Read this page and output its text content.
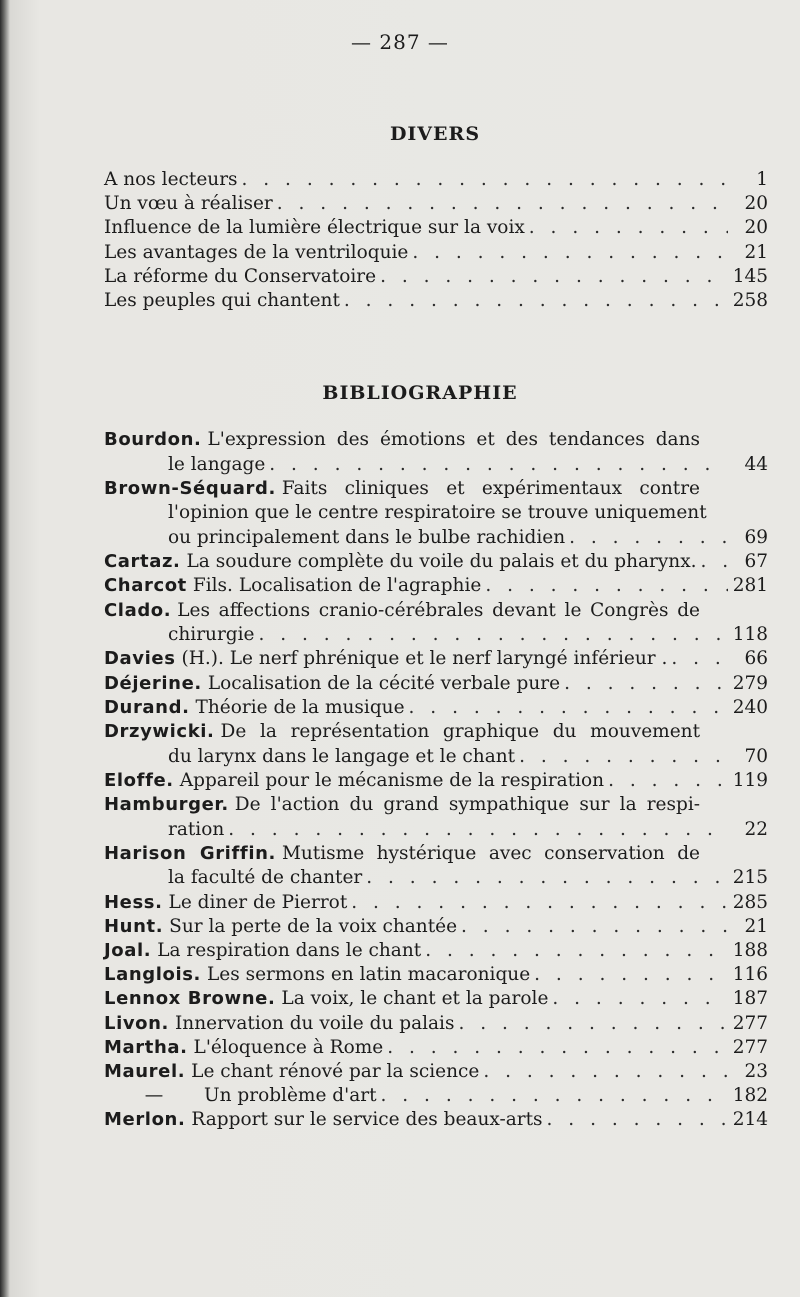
— 287 —
DIVERS
A nos lecteurs . . .	1
Un vœu à réaliser . . .	20
Influence de la lumière électrique sur la voix . . .	20
Les avantages de la ventriloquie . . .	21
La réforme du Conservatoire . . .	145
Les peuples qui chantent . . .	258
BIBLIOGRAPHIE
Bourdon. L'expression des émotions et des tendances dans
le langage . . .	44
Brown-Séquard. Faits cliniques et expérimentaux contre
l'opinion que le centre respiratoire se trouve uniquement
ou principalement dans le bulbe rachidien . . .	69
Cartaz. La soudure complète du voile du palais et du pharynx. . . .	67
Charcot Fils. Localisation de l'agraphie . . .	281
Clado. Les affections cranio-cérébrales devant le Congrès de
chirurgie . . .	118
Davies (H.). Le nerf phrénique et le nerf laryngé inférieur . . . .	66
Déjerine. Localisation de la cécité verbale pure . . .	279
Durand. Théorie de la musique . . .	240
Drzywicki. De la représentation graphique du mouvement
du larynx dans le langage et le chant . . .	70
Eloffe. Appareil pour le mécanisme de la respiration . . .	119
Hamburger. De l'action du grand sympathique sur la respi-
ration . . .	22
Harison Griffin. Mutisme hystérique avec conservation de
la faculté de chanter . . .	215
Hess. Le diner de Pierrot . . .	285
Hunt. Sur la perte de la voix chantée . . .	21
Joal. La respiration dans le chant . . .	188
Langlois. Les sermons en latin macaronique . . .	116
Lennox Browne. La voix, le chant et la parole . . .	187
Livon. Innervation du voile du palais . . .	277
Martha. L'éloquence à Rome . . .	277
Maurel. Le chant rénové par la science . . .	23
— Un problème d'art . . .	182
Merlon. Rapport sur le service des beaux-arts . . .	214
